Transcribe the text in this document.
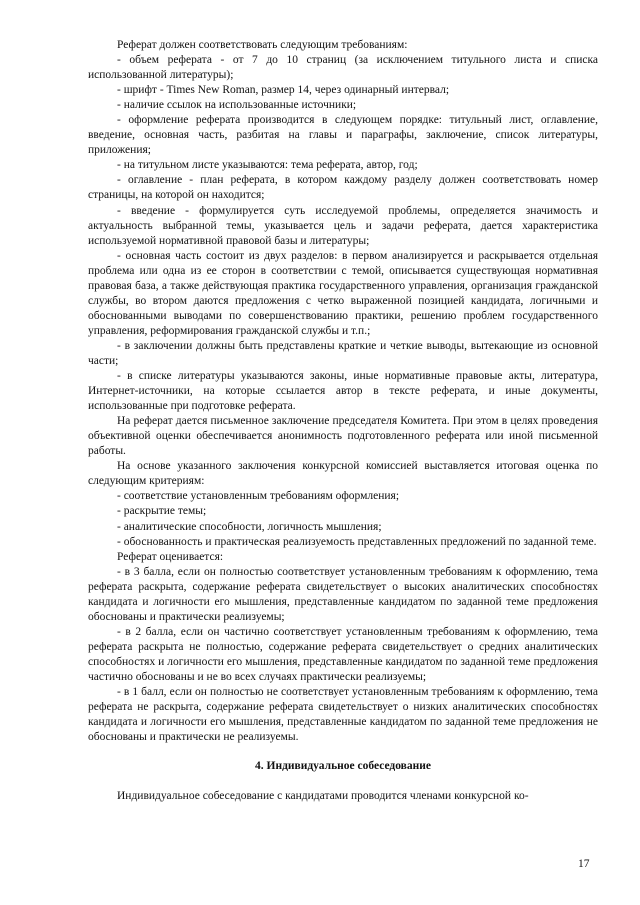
Реферат должен соответствовать следующим требованиям:

- объем реферата - от 7 до 10 страниц (за исключением титульного листа и списка использованной литературы);

- шрифт - Times New Roman, размер 14, через одинарный интервал;

- наличие ссылок на использованные источники;

- оформление реферата производится в следующем порядке: титульный лист, оглавление, введение, основная часть, разбитая на главы и параграфы, заключение, список литературы, приложения;

- на титульном листе указываются: тема реферата, автор, год;

- оглавление - план реферата, в котором каждому разделу должен соответствовать номер страницы, на которой он находится;

- введение - формулируется суть исследуемой проблемы, определяется значимость и актуальность выбранной темы, указывается цель и задачи реферата, дается характеристика используемой нормативной правовой базы и литературы;

- основная часть состоит из двух разделов: в первом анализируется и раскрывается отдельная проблема или одна из ее сторон в соответствии с темой, описывается существующая нормативная правовая база, а также действующая практика государственного управления, организация гражданской службы, во втором даются предложения с четко выраженной позицией кандидата, логичными и обоснованными выводами по совершенствованию практики, решению проблем государственного управления, реформирования гражданской службы и т.п.;

- в заключении должны быть представлены краткие и четкие выводы, вытекающие из основной части;

- в списке литературы указываются законы, иные нормативные правовые акты, литература, Интернет-источники, на которые ссылается автор в тексте реферата, и иные документы, использованные при подготовке реферата.

На реферат дается письменное заключение председателя Комитета. При этом в целях проведения объективной оценки обеспечивается анонимность подготовленного реферата или иной письменной работы.

На основе указанного заключения конкурсной комиссией выставляется итоговая оценка по следующим критериям:

- соответствие установленным требованиям оформления;

- раскрытие темы;

- аналитические способности, логичность мышления;

- обоснованность и практическая реализуемость представленных предложений по заданной теме.

Реферат оценивается:

- в 3 балла, если он полностью соответствует установленным требованиям к оформлению, тема реферата раскрыта, содержание реферата свидетельствует о высоких аналитических способностях кандидата и логичности его мышления, представленные кандидатом по заданной теме предложения обоснованы и практически реализуемы;

- в 2 балла, если он частично соответствует установленным требованиям к оформлению, тема реферата раскрыта не полностью, содержание реферата свидетельствует о средних аналитических способностях и логичности его мышления, представленные кандидатом по заданной теме предложения частично обоснованы и не во всех случаях практически реализуемы;

- в 1 балл, если он полностью не соответствует установленным требованиям к оформлению, тема реферата не раскрыта, содержание реферата свидетельствует о низких аналитических способностях кандидата и логичности его мышления, представленные кандидатом по заданной теме предложения не обоснованы и практически не реализуемы.

4. Индивидуальное собеседование

Индивидуальное собеседование с кандидатами проводится членами конкурсной ко-

17
